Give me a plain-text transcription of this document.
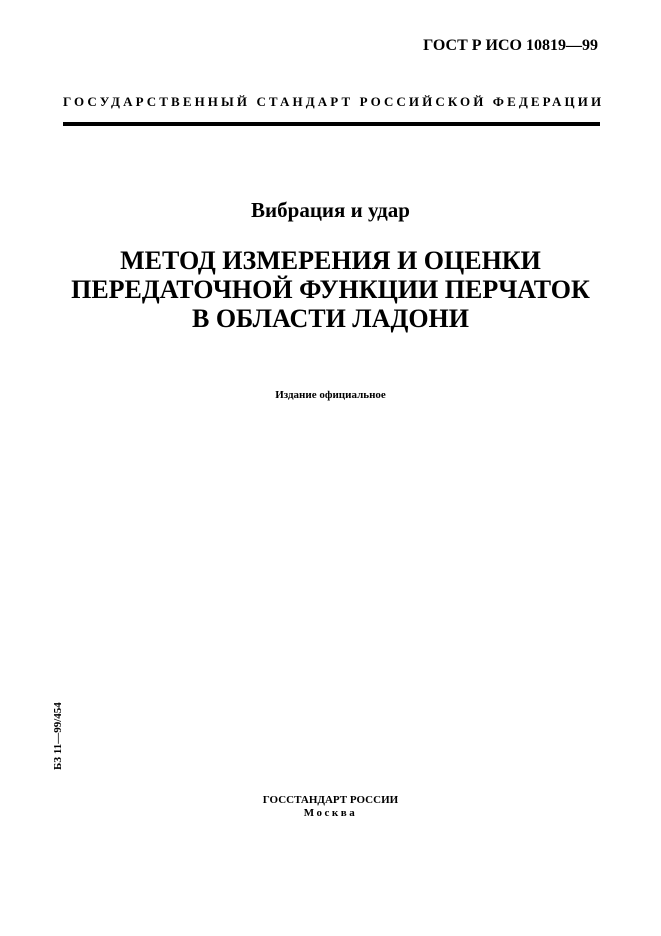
ГОСТ Р ИСО 10819—99
ГОСУДАРСТВЕННЫЙ СТАНДАРТ РОССИЙСКОЙ ФЕДЕРАЦИИ
Вибрация и удар
МЕТОД ИЗМЕРЕНИЯ И ОЦЕНКИ
ПЕРЕДАТОЧНОЙ ФУНКЦИИ ПЕРЧАТОК
В ОБЛАСТИ ЛАДОНИ
Издание официальное
БЗ 11—99/454
ГОССТАНДАРТ РОССИИ
Москва
